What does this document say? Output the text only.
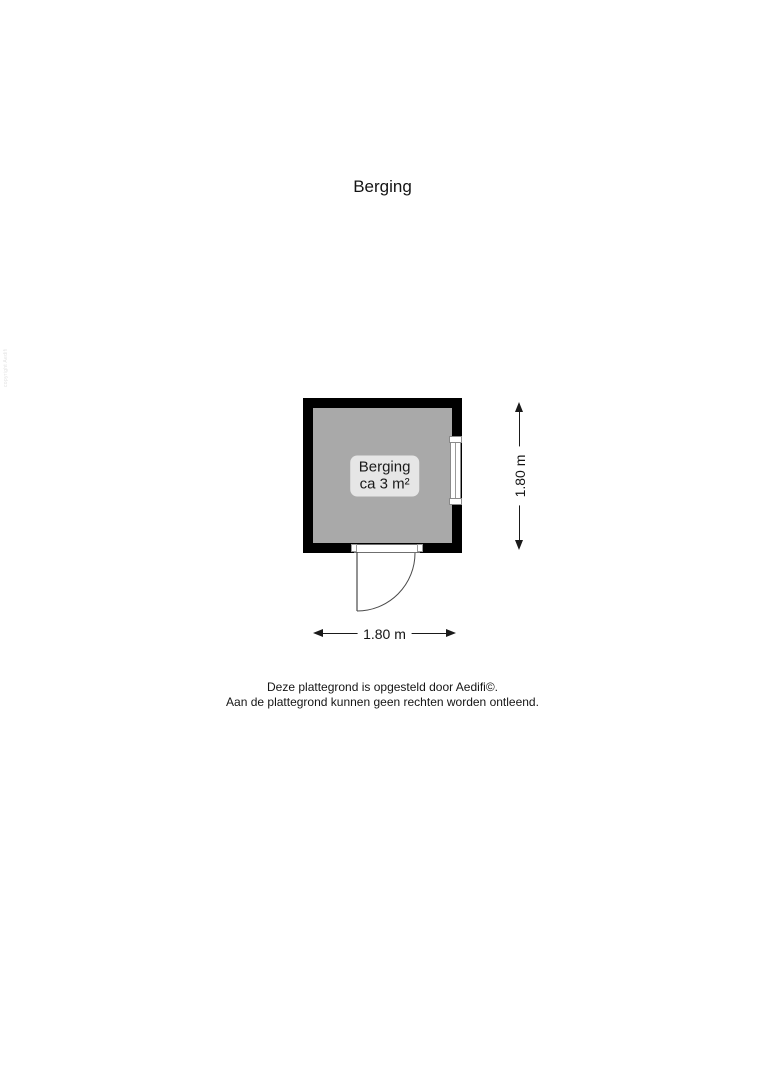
copyright Aedifi
Berging
Berging
ca 3 m²	1.80 m
1.80 m
Deze plattegrond is opgesteld door Aedifi©.
Aan de plattegrond kunnen geen rechten worden ontleend.
